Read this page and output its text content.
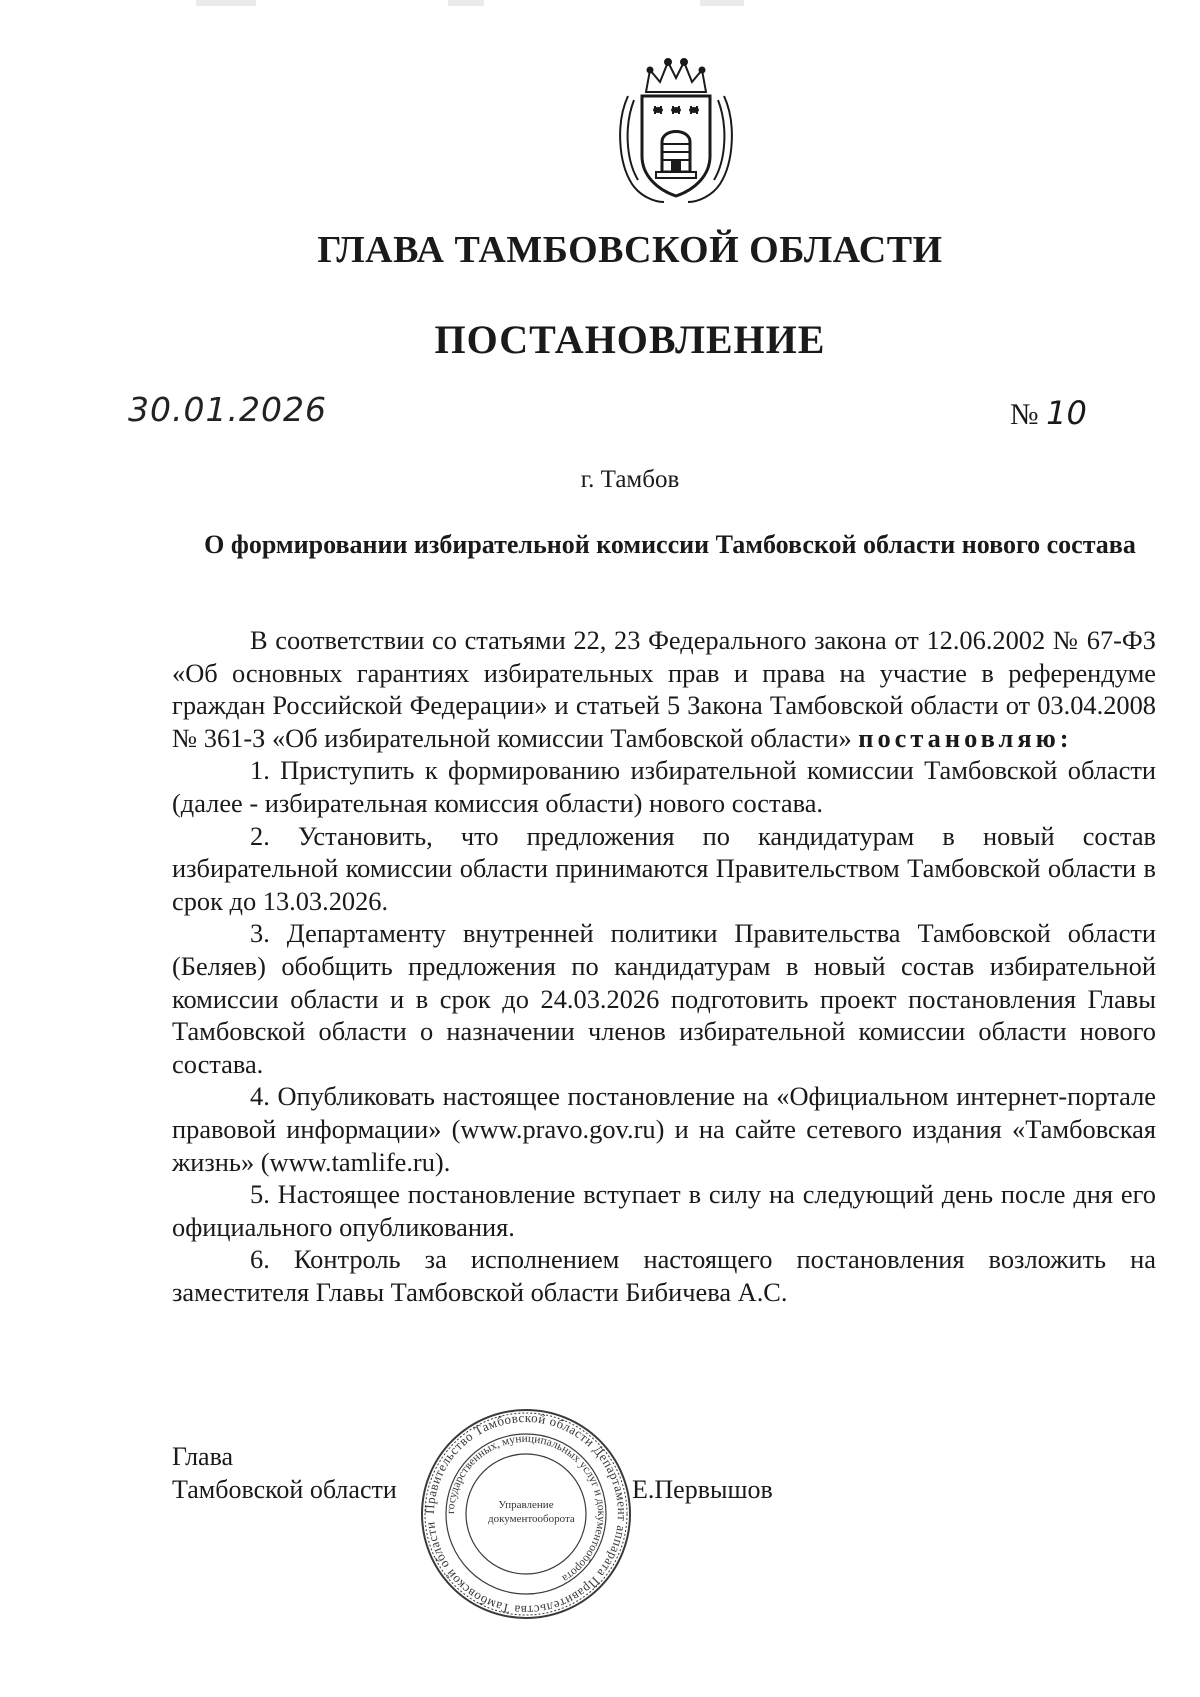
ГЛАВА ТАМБОВСКОЙ ОБЛАСТИ
ПОСТАНОВЛЕНИЕ
30.01.2026	№ 10
г. Тамбов
О формировании избирательной комиссии Тамбовской области нового состава

В соответствии со статьями 22, 23 Федерального закона от 12.06.2002 № 67-ФЗ «Об основных гарантиях избирательных прав и права на участие в референдуме граждан Российской Федерации» и статьей 5 Закона Тамбовской области от 03.04.2008 № 361-З «Об избирательной комиссии Тамбовской области» постановляю:

1. Приступить к формированию избирательной комиссии Тамбовской области (далее - избирательная комиссия области) нового состава.

2. Установить, что предложения по кандидатурам в новый состав избирательной комиссии области принимаются Правительством Тамбовской области в срок до 13.03.2026.

3. Департаменту внутренней политики Правительства Тамбовской области (Беляев) обобщить предложения по кандидатурам в новый состав избирательной комиссии области и в срок до 24.03.2026 подготовить проект постановления Главы Тамбовской области о назначении членов избирательной комиссии области нового состава.

4. Опубликовать настоящее постановление на «Официальном интернет-портале правовой информации» (www.pravo.gov.ru) и на сайте сетевого издания «Тамбовская жизнь» (www.tamlife.ru).

5. Настоящее постановление вступает в силу на следующий день после дня его официального опубликования.

6. Контроль за исполнением настоящего постановления возложить на заместителя Главы Тамбовской области Бибичева А.С.

Глава
Тамбовской области
Правительство Тамбовской области Департамент аппарата Правительства Тамбовской области
государственных, муниципальных услуг и документооборота
Управление
документооборота
Е.Первышов
